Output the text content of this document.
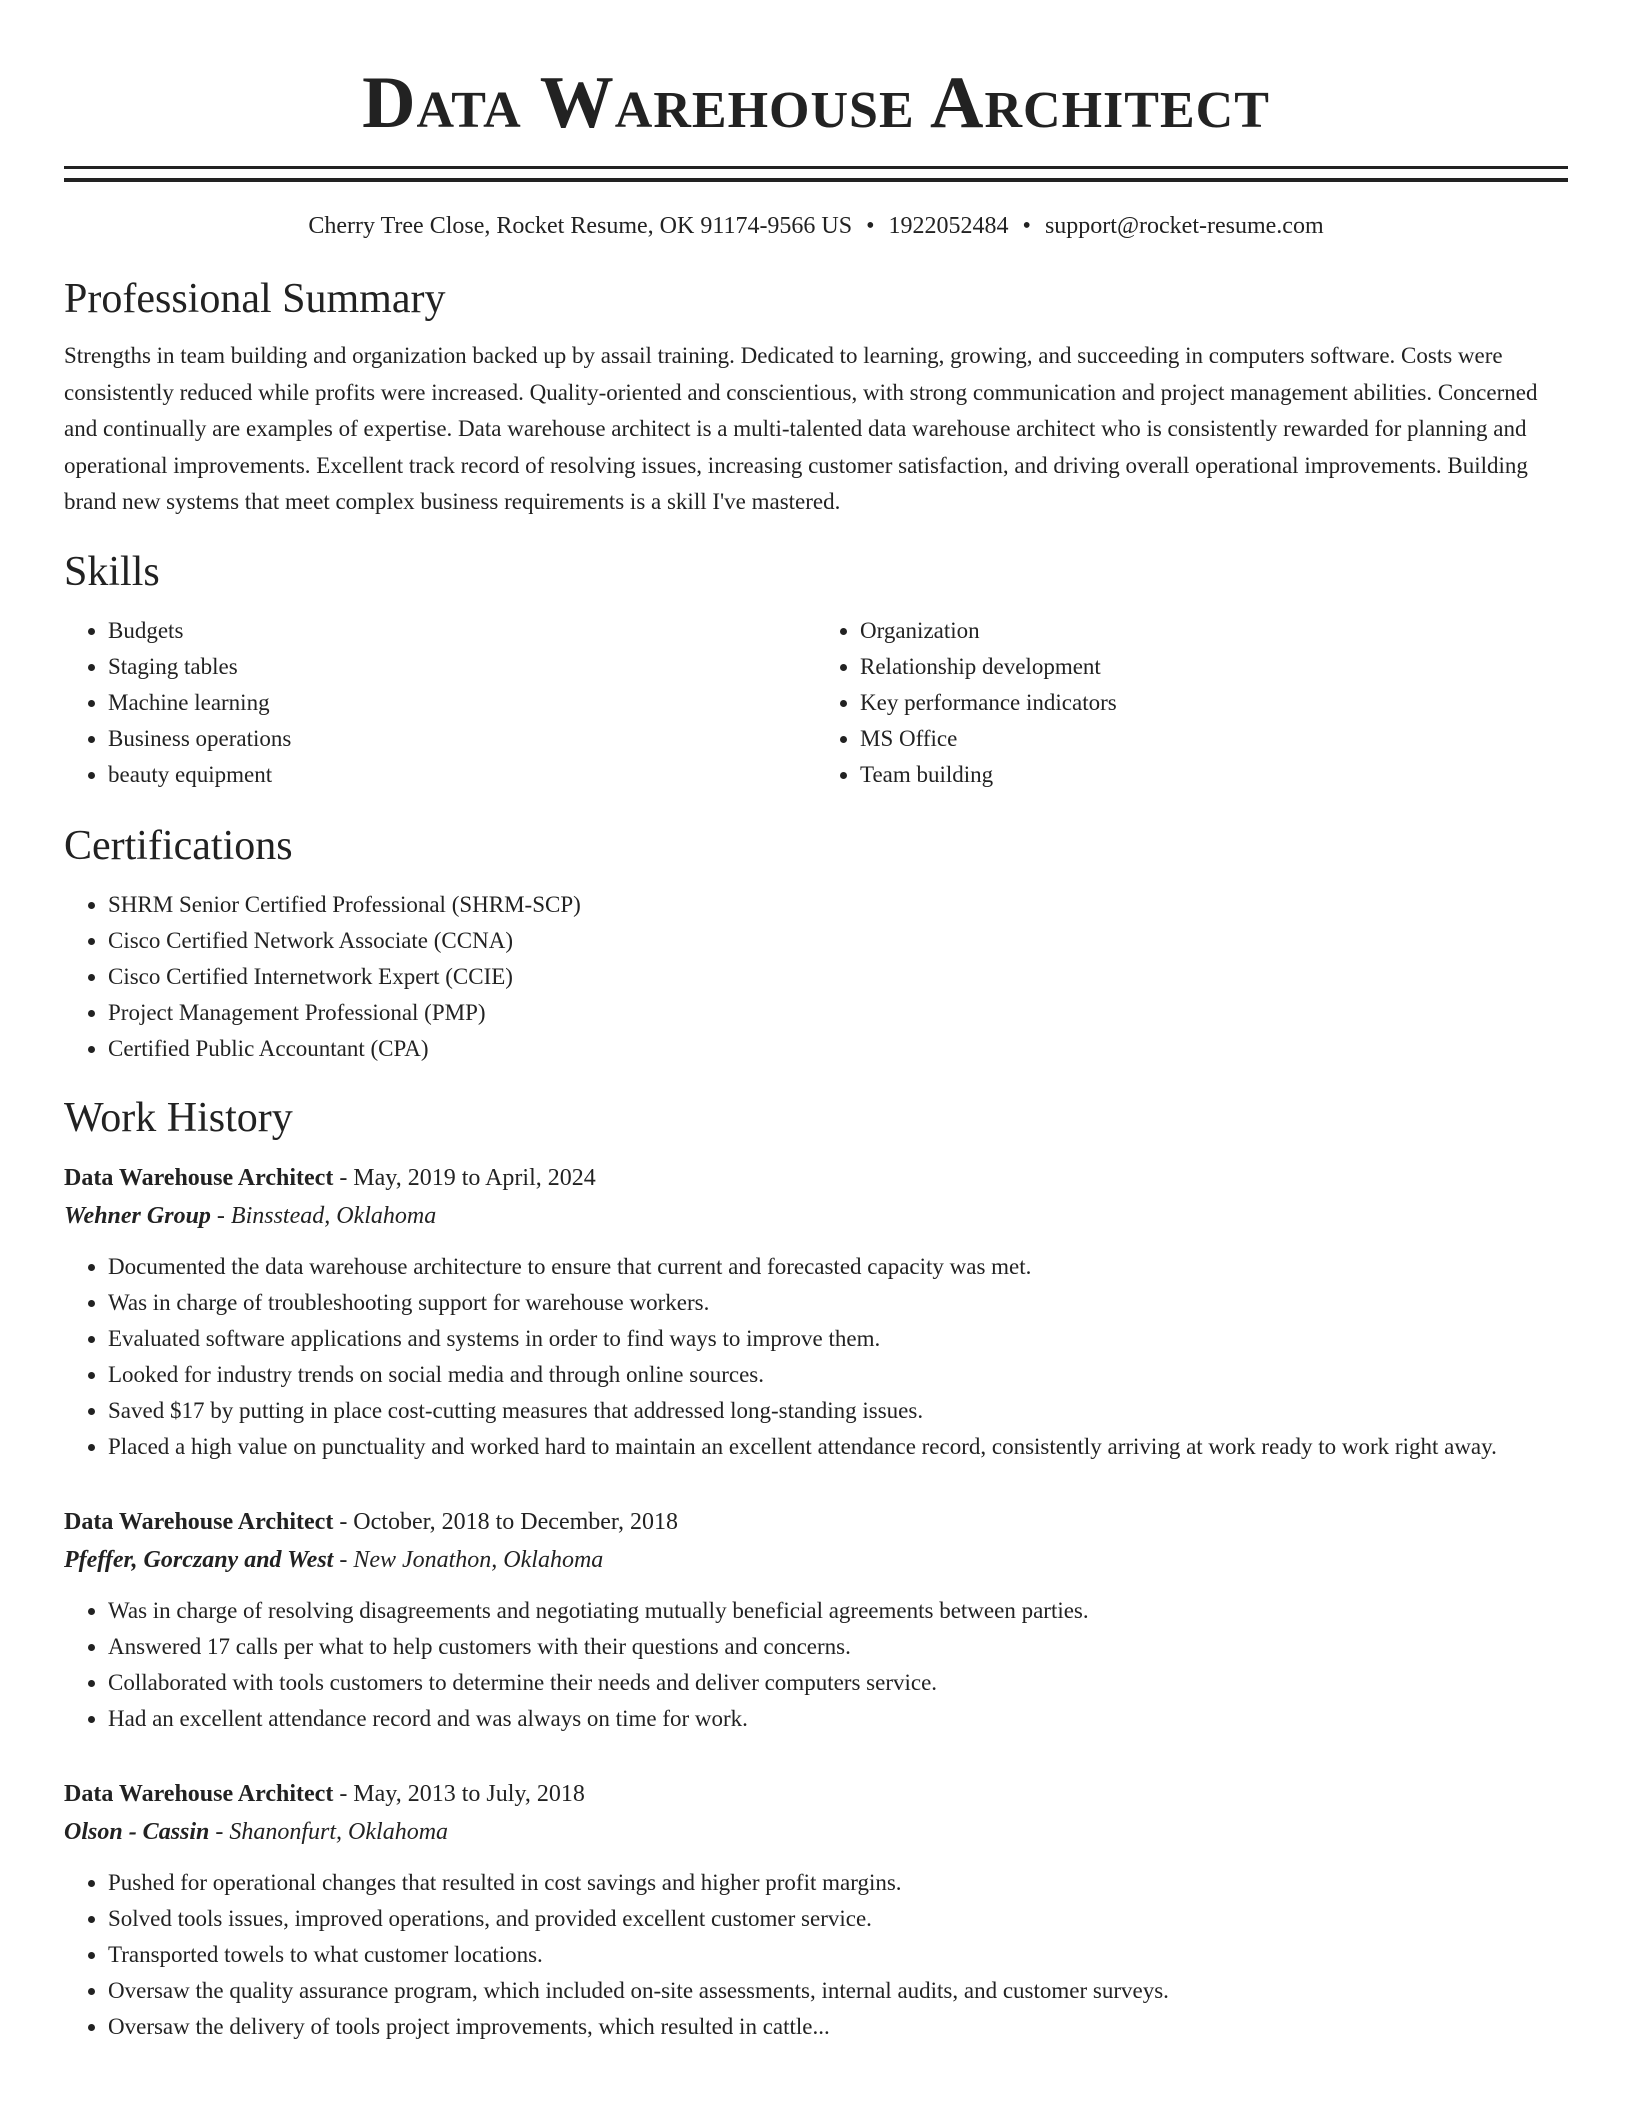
Data Warehouse Architect
Cherry Tree Close, Rocket Resume, OK 91174-9566 US • 1922052484 • support@rocket-resume.com
Professional Summary
Strengths in team building and organization backed up by assail training. Dedicated to learning, growing, and succeeding in computers software. Costs were consistently reduced while profits were increased. Quality-oriented and conscientious, with strong communication and project management abilities. Concerned and continually are examples of expertise. Data warehouse architect is a multi-talented data warehouse architect who is consistently rewarded for planning and operational improvements. Excellent track record of resolving issues, increasing customer satisfaction, and driving overall operational improvements. Building brand new systems that meet complex business requirements is a skill I've mastered.
Skills
• Budgets
• Staging tables
• Machine learning
• Business operations
• beauty equipment
• Organization
• Relationship development
• Key performance indicators
• MS Office
• Team building
Certifications
• SHRM Senior Certified Professional (SHRM-SCP)
• Cisco Certified Network Associate (CCNA)
• Cisco Certified Internetwork Expert (CCIE)
• Project Management Professional (PMP)
• Certified Public Accountant (CPA)
Work History
Data Warehouse Architect - May, 2019 to April, 2024
Wehner Group - Binsstead, Oklahoma
• Documented the data warehouse architecture to ensure that current and forecasted capacity was met.
• Was in charge of troubleshooting support for warehouse workers.
• Evaluated software applications and systems in order to find ways to improve them.
• Looked for industry trends on social media and through online sources.
• Saved $17 by putting in place cost-cutting measures that addressed long-standing issues.
• Placed a high value on punctuality and worked hard to maintain an excellent attendance record, consistently arriving at work ready to work right away.
Data Warehouse Architect - October, 2018 to December, 2018
Pfeffer, Gorczany and West - New Jonathon, Oklahoma
• Was in charge of resolving disagreements and negotiating mutually beneficial agreements between parties.
• Answered 17 calls per what to help customers with their questions and concerns.
• Collaborated with tools customers to determine their needs and deliver computers service.
• Had an excellent attendance record and was always on time for work.
Data Warehouse Architect - May, 2013 to July, 2018
Olson - Cassin - Shanonfurt, Oklahoma
• Pushed for operational changes that resulted in cost savings and higher profit margins.
• Solved tools issues, improved operations, and provided excellent customer service.
• Transported towels to what customer locations.
• Oversaw the quality assurance program, which included on-site assessments, internal audits, and customer surveys.
• Oversaw the delivery of tools project improvements, which resulted in cattle...
